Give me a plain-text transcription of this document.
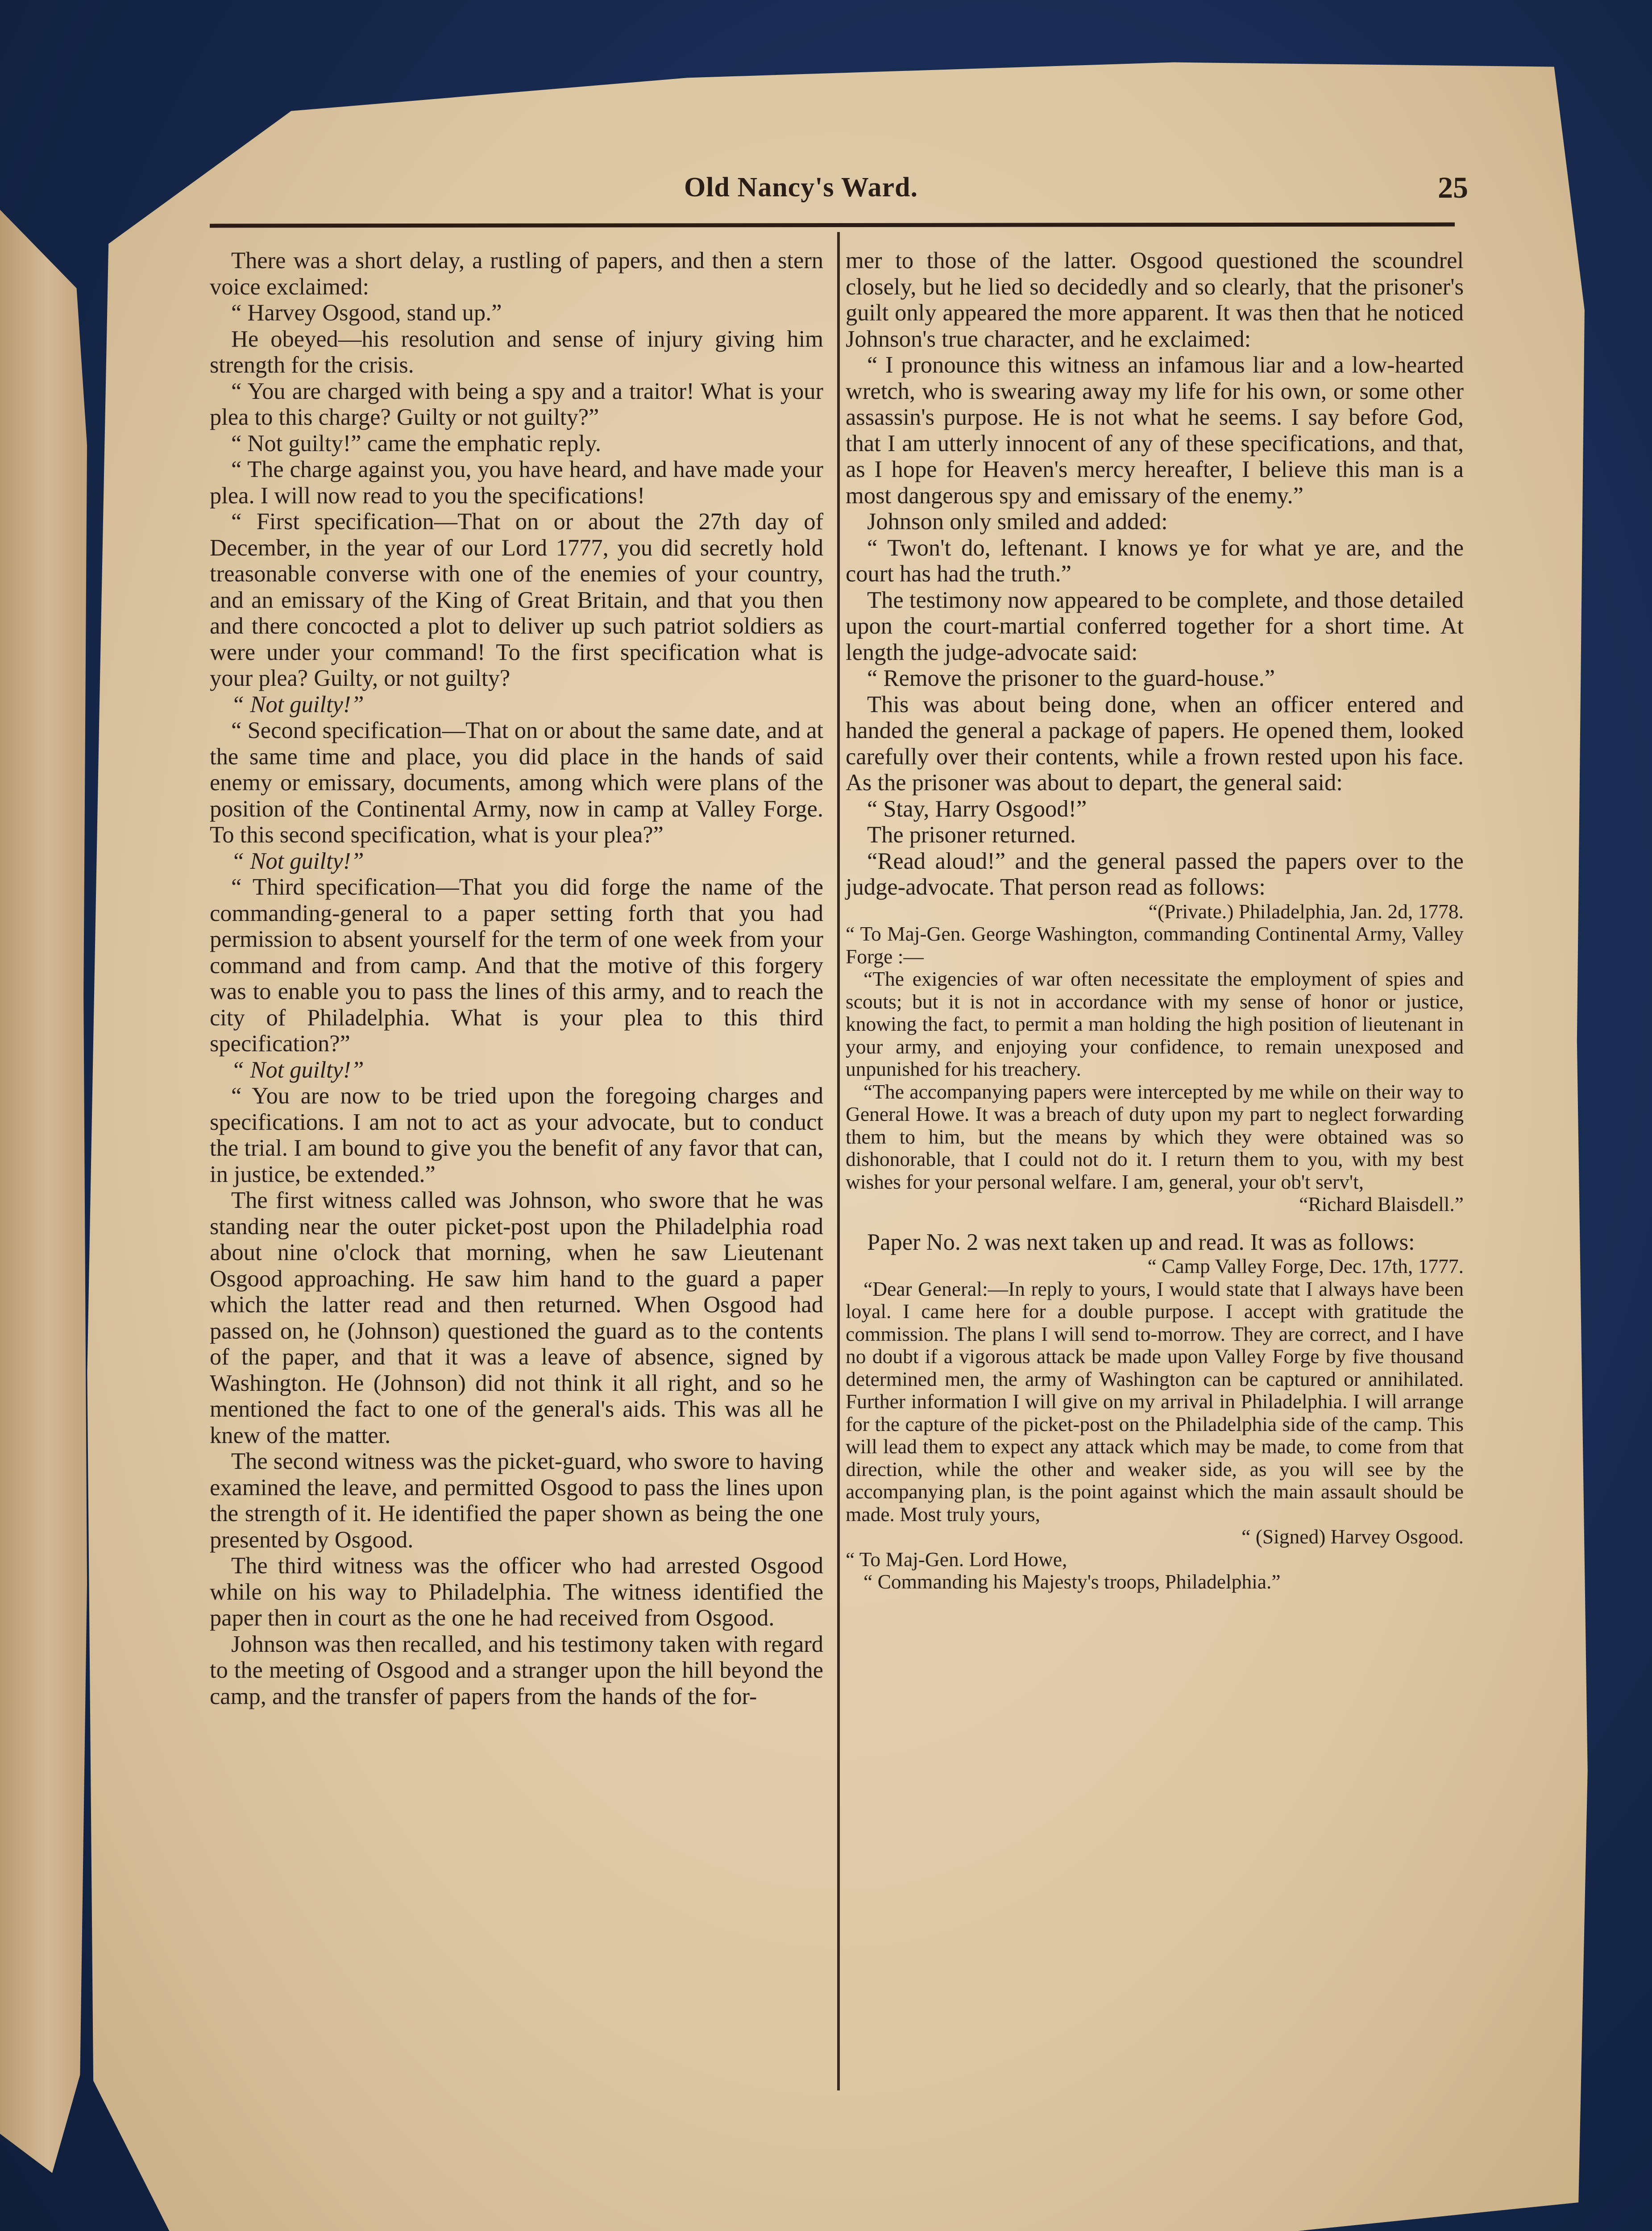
Old Nancy's Ward.	25

There was a short delay, a rustling of papers, and then a stern voice exclaimed:

“ Harvey Osgood, stand up.”

He obeyed—his resolution and sense of injury giving him strength for the crisis.

“ You are charged with being a spy and a traitor! What is your plea to this charge? Guilty or not guilty?”

“ Not guilty!” came the emphatic reply.

“ The charge against you, you have heard, and have made your plea. I will now read to you the specifications!

“ First specification—That on or about the 27th day of December, in the year of our Lord 1777, you did secretly hold treasonable converse with one of the enemies of your country, and an emissary of the King of Great Britain, and that you then and there concocted a plot to deliver up such patriot soldiers as were under your command! To the first specification what is your plea? Guilty, or not guilty?

“ Not guilty!”

“ Second specification—That on or about the same date, and at the same time and place, you did place in the hands of said enemy or emissary, documents, among which were plans of the position of the Continental Army, now in camp at Valley Forge. To this second specification, what is your plea?”

“ Not guilty!”

“ Third specification—That you did forge the name of the commanding-general to a paper setting forth that you had permission to absent yourself for the term of one week from your command and from camp. And that the motive of this forgery was to enable you to pass the lines of this army, and to reach the city of Philadelphia. What is your plea to this third specification?”

“ Not guilty!”

“ You are now to be tried upon the foregoing charges and specifications. I am not to act as your advocate, but to conduct the trial. I am bound to give you the benefit of any favor that can, in justice, be extended.”

The first witness called was Johnson, who swore that he was standing near the outer picket-post upon the Philadelphia road about nine o'clock that morning, when he saw Lieutenant Osgood approaching. He saw him hand to the guard a paper which the latter read and then returned. When Osgood had passed on, he (Johnson) questioned the guard as to the contents of the paper, and that it was a leave of absence, signed by Washington. He (Johnson) did not think it all right, and so he mentioned the fact to one of the general's aids. This was all he knew of the matter.

The second witness was the picket-guard, who swore to having examined the leave, and permitted Osgood to pass the lines upon the strength of it. He identified the paper shown as being the one presented by Osgood.

The third witness was the officer who had arrested Osgood while on his way to Philadelphia. The witness identified the paper then in court as the one he had received from Osgood.

Johnson was then recalled, and his testimony taken with regard to the meeting of Osgood and a stranger upon the hill beyond the camp, and the transfer of papers from the hands of the for-

mer to those of the latter. Osgood questioned the scoundrel closely, but he lied so decidedly and so clearly, that the prisoner's guilt only appeared the more apparent. It was then that he noticed Johnson's true character, and he exclaimed:

“ I pronounce this witness an infamous liar and a low-hearted wretch, who is swearing away my life for his own, or some other assassin's purpose. He is not what he seems. I say before God, that I am utterly innocent of any of these specifications, and that, as I hope for Heaven's mercy hereafter, I believe this man is a most dangerous spy and emissary of the enemy.”

Johnson only smiled and added:

“ Twon't do, leftenant. I knows ye for what ye are, and the court has had the truth.”

The testimony now appeared to be complete, and those detailed upon the court-martial conferred together for a short time. At length the judge-advocate said:

“ Remove the prisoner to the guard-house.”

This was about being done, when an officer entered and handed the general a package of papers. He opened them, looked carefully over their contents, while a frown rested upon his face. As the prisoner was about to depart, the general said:

“ Stay, Harry Osgood!”

The prisoner returned.

“Read aloud!” and the general passed the papers over to the judge-advocate. That person read as follows:

“(Private.) Philadelphia, Jan. 2d, 1778.

“ To Maj-Gen. George Washington, commanding Continental Army, Valley Forge :—

“The exigencies of war often necessitate the employment of spies and scouts; but it is not in accordance with my sense of honor or justice, knowing the fact, to permit a man holding the high position of lieutenant in your army, and enjoying your confidence, to remain unexposed and unpunished for his treachery.

“The accompanying papers were intercepted by me while on their way to General Howe. It was a breach of duty upon my part to neglect forwarding them to him, but the means by which they were obtained was so dishonorable, that I could not do it. I return them to you, with my best wishes for your personal welfare. I am, general, your ob't serv't,

“Richard Blaisdell.”

Paper No. 2 was next taken up and read. It was as follows:

“ Camp Valley Forge, Dec. 17th, 1777.

“Dear General:—In reply to yours, I would state that I always have been loyal. I came here for a double purpose. I accept with gratitude the commission. The plans I will send to-morrow. They are correct, and I have no doubt if a vigorous attack be made upon Valley Forge by five thousand determined men, the army of Washington can be captured or annihilated. Further information I will give on my arrival in Philadelphia. I will arrange for the capture of the picket-post on the Philadelphia side of the camp. This will lead them to expect any attack which may be made, to come from that direction, while the other and weaker side, as you will see by the accompanying plan, is the point against which the main assault should be made. Most truly yours,

“ (Signed) Harvey Osgood.

“ To Maj-Gen. Lord Howe,

“ Commanding his Majesty's troops, Philadelphia.”
